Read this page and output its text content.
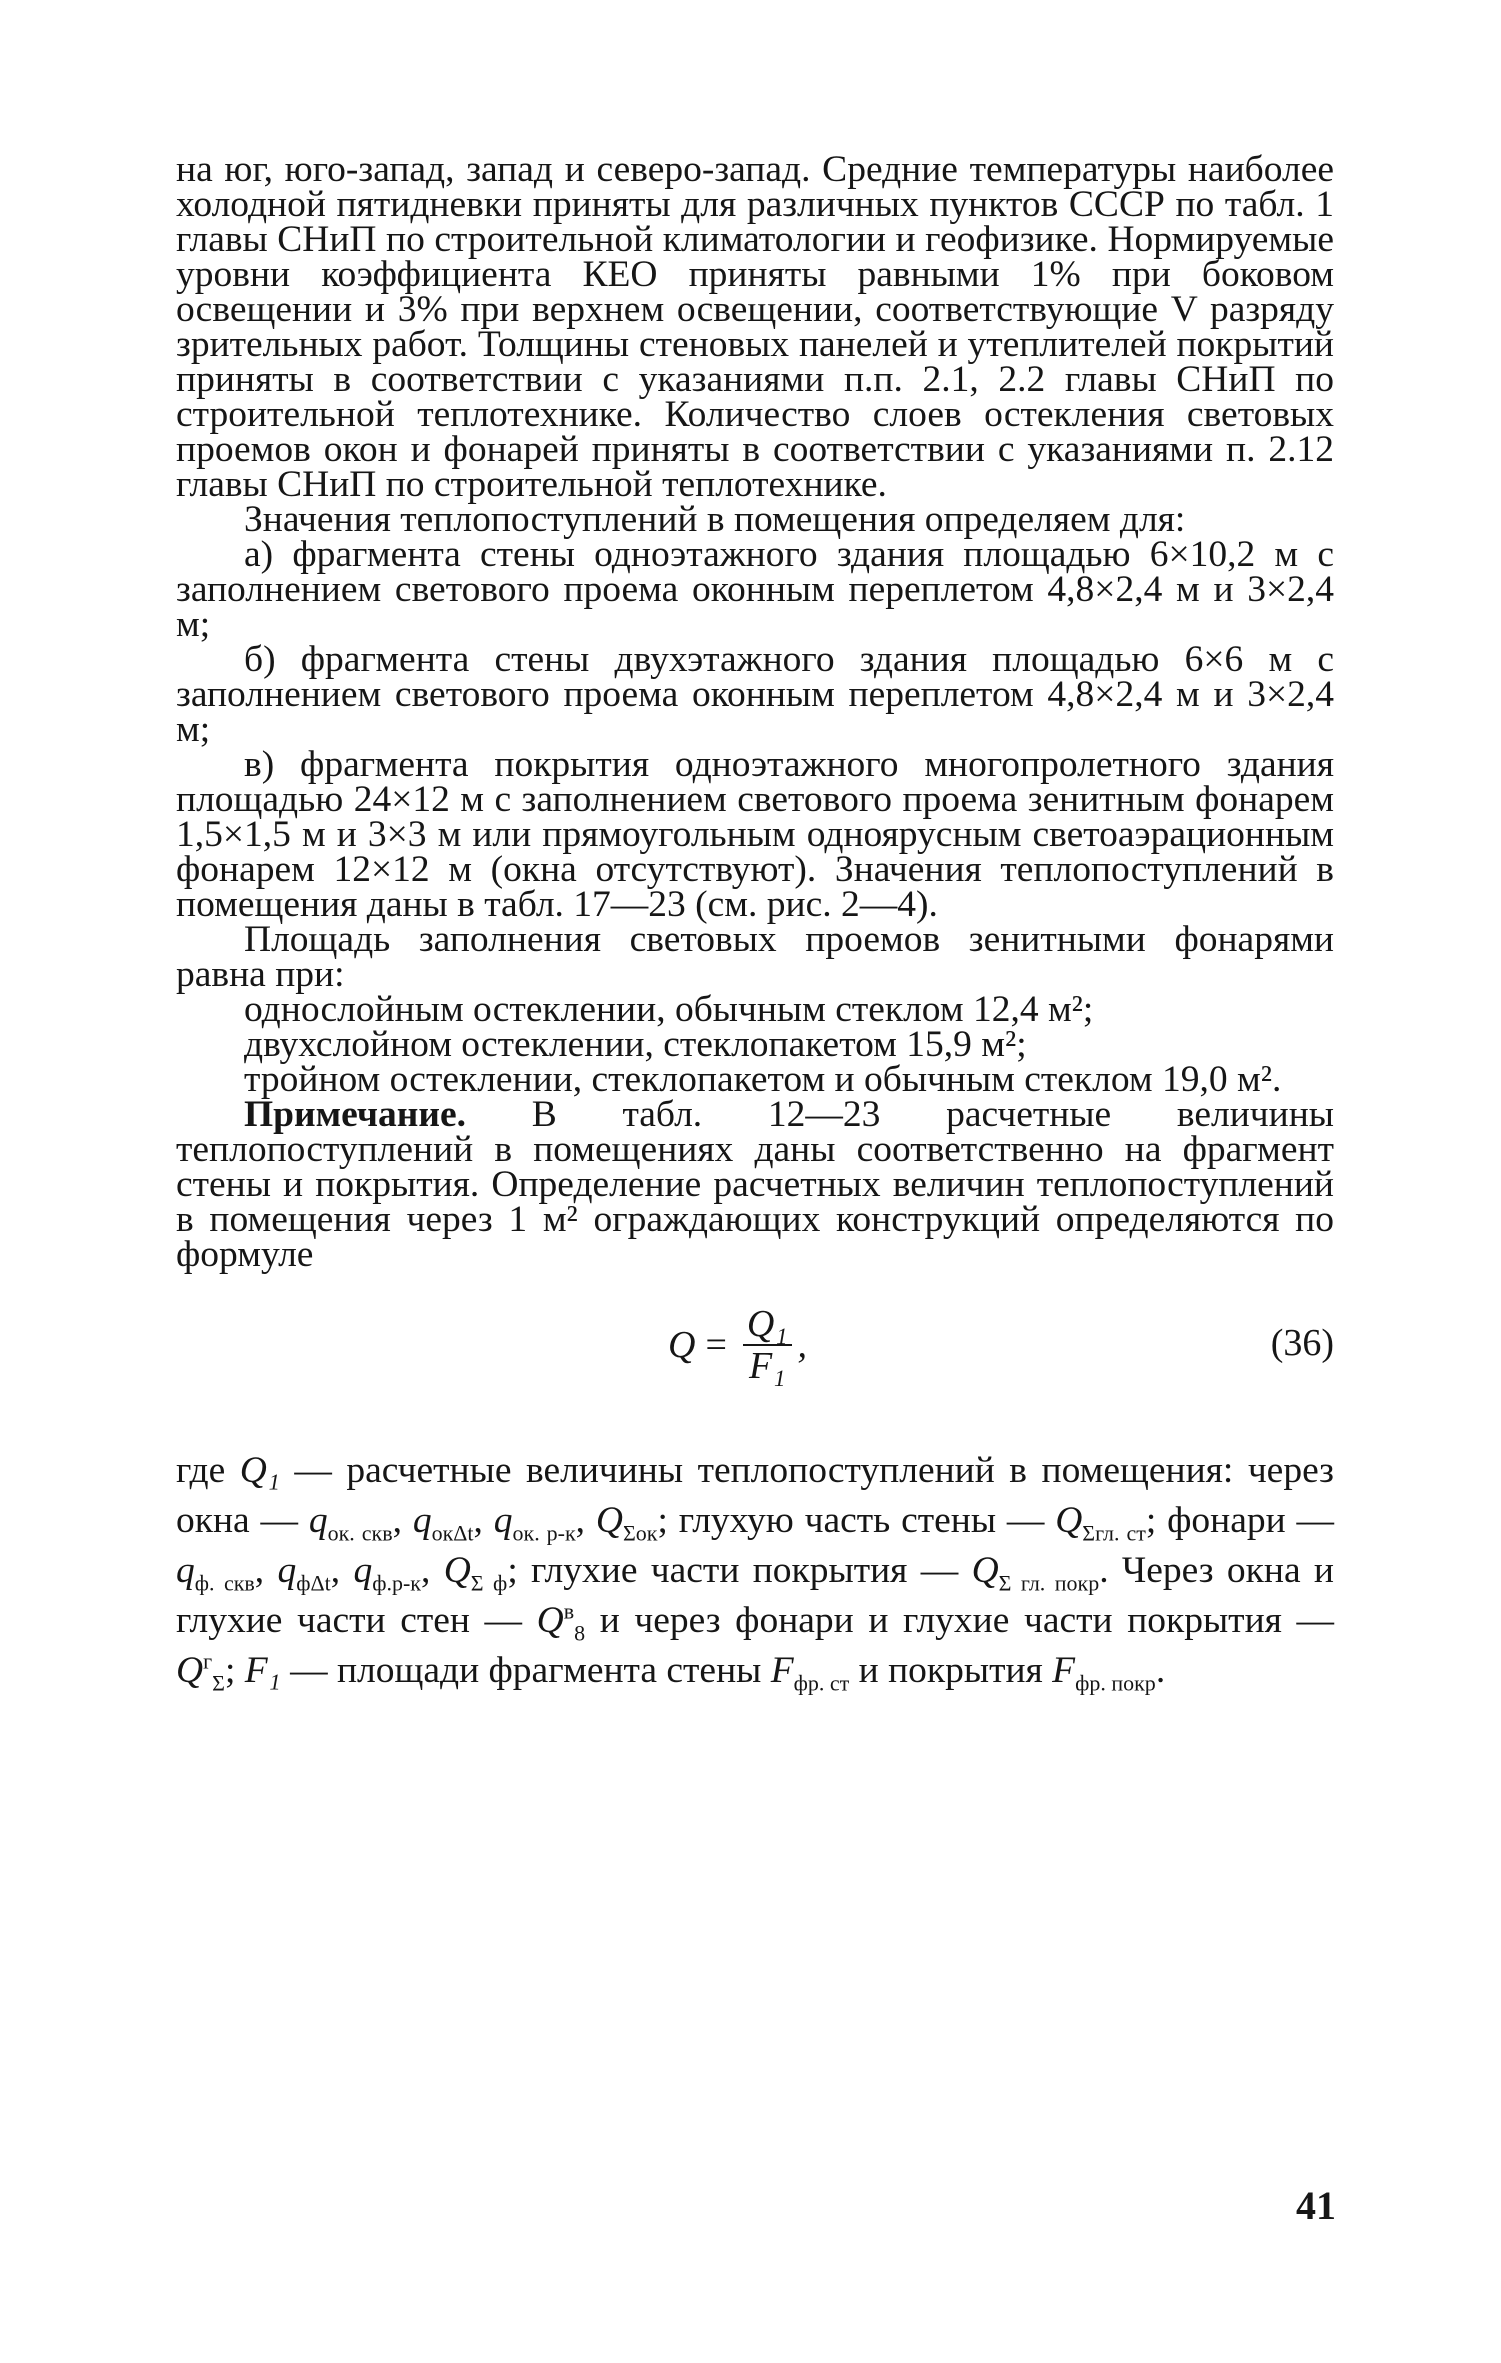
на юг, юго-запад, запад и северо-запад. Средние температуры наиболее холодной пятидневки приняты для различных пунктов СССР по табл. 1 главы СНиП по строительной климатологии и геофизике. Нормируемые уровни коэффициента КЕО приняты равными 1% при боковом освещении и 3% при верхнем освещении, соответствующие V разряду зрительных работ. Толщины стеновых панелей и утеплителей покрытий приняты в соответствии с указаниями п.п. 2.1, 2.2 главы СНиП по строительной теплотехнике. Количество слоев остекления световых проемов окон и фонарей приняты в соответствии с указаниями п. 2.12 главы СНиП по строительной теплотехнике.

Значения теплопоступлений в помещения определяем для:

а) фрагмента стены одноэтажного здания площадью 6×10,2 м с заполнением светового проема оконным переплетом 4,8×2,4 м и 3×2,4 м;

б) фрагмента стены двухэтажного здания площадью 6×6 м с заполнением светового проема оконным переплетом 4,8×2,4 м и 3×2,4 м;

в) фрагмента покрытия одноэтажного многопролетного здания площадью 24×12 м с заполнением светового проема зенитным фонарем 1,5×1,5 м и 3×3 м или прямоугольным одноярусным светоаэрационным фонарем 12×12 м (окна отсутствуют). Значения теплопоступлений в помещения даны в табл. 17—23 (см. рис. 2—4).

Площадь заполнения световых проемов зенитными фонарями равна при:

однослойным остеклении, обычным стеклом 12,4 м²;

двухслойном остеклении, стеклопакетом 15,9 м²;

тройном остеклении, стеклопакетом и обычным стеклом 19,0 м².

Примечание. В табл. 12—23 расчетные величины теплопоступлений в помещениях даны соответственно на фрагмент стены и покрытия. Определение расчетных величин теплопоступлений в помещения через 1 м² ограждающих конструкций определяются по формуле

$Q = \frac{\text{Q₁}}{\text{F₁}}$ ,	(36)

где Q₁ — расчетные величины теплопоступлений в помещения: через окна — $q_{ок. скв}$, $q_{ок\Delta t}$, $q_{ок. р-к}$, $Q_{\Sigma ок}$; глухую часть стены — $Q_{\Sigma гл. ст}$; фонари — $q_{ф. скв}$, $q_{ф\Delta t}$, $q_{ф.р-к}$, $Q_{\Sigma ф}$; глухие части покрытия — $Q_{\Sigma гл. покр}$. Через окна и глухие части стен — $Q^в_8$ и через фонари и глухие части покрытия — $Q^г_\Sigma$; F₁ — площади фрагмента стены $F_{фр. ст}$ и покрытия $F_{фр. покр}$.

41
